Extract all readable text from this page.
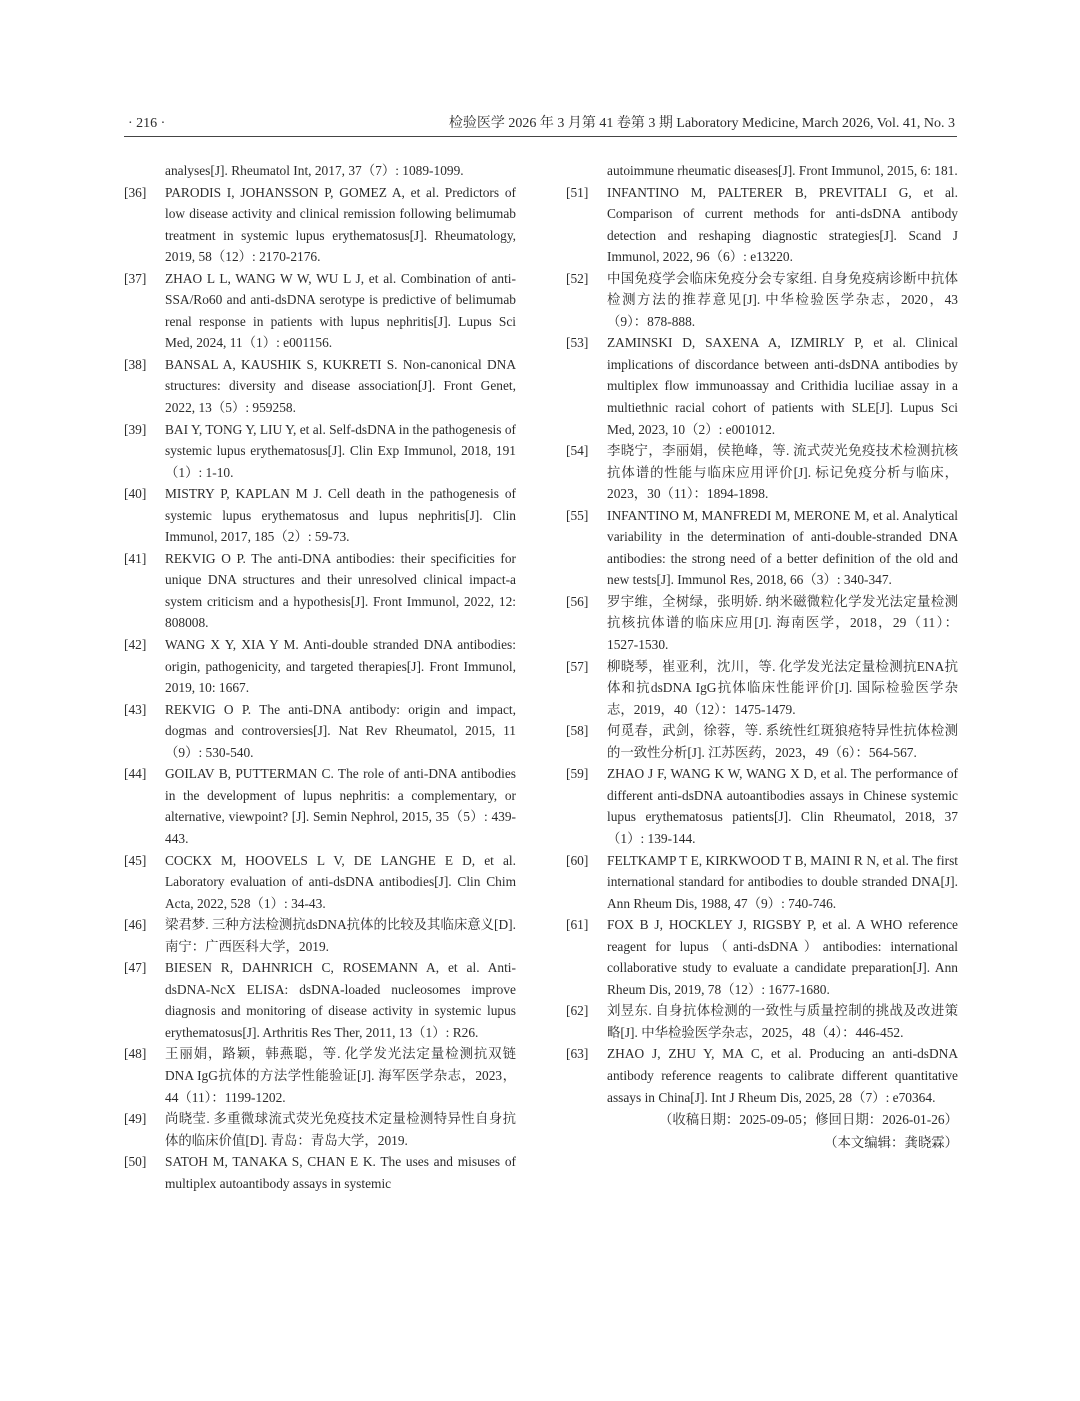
· 216 ·	检验医学 2026 年 3 月第 41 卷第 3 期 Laboratory Medicine, March 2026, Vol. 41, No. 3
analyses[J]. Rheumatol Int, 2017, 37（7）: 1089-1099.
[36] PARODIS I, JOHANSSON P, GOMEZ A, et al. Predictors of low disease activity and clinical remission following belimumab treatment in systemic lupus erythematosus[J]. Rheumatology, 2019, 58（12）: 2170-2176.
[37] ZHAO L L, WANG W W, WU L J, et al. Combination of anti-SSA/Ro60 and anti-dsDNA serotype is predictive of belimumab renal response in patients with lupus nephritis[J]. Lupus Sci Med, 2024, 11（1）: e001156.
[38] BANSAL A, KAUSHIK S, KUKRETI S. Non-canonical DNA structures: diversity and disease association[J]. Front Genet, 2022, 13（5）: 959258.
[39] BAI Y, TONG Y, LIU Y, et al. Self-dsDNA in the pathogenesis of systemic lupus erythematosus[J]. Clin Exp Immunol, 2018, 191（1）: 1-10.
[40] MISTRY P, KAPLAN M J. Cell death in the pathogenesis of systemic lupus erythematosus and lupus nephritis[J]. Clin Immunol, 2017, 185（2）: 59-73.
[41] REKVIG O P. The anti-DNA antibodies: their specificities for unique DNA structures and their unresolved clinical impact-a system criticism and a hypothesis[J]. Front Immunol, 2022, 12: 808008.
[42] WANG X Y, XIA Y M. Anti-double stranded DNA antibodies: origin, pathogenicity, and targeted therapies[J]. Front Immunol, 2019, 10: 1667.
[43] REKVIG O P. The anti-DNA antibody: origin and impact, dogmas and controversies[J]. Nat Rev Rheumatol, 2015, 11（9）: 530-540.
[44] GOILAV B, PUTTERMAN C. The role of anti-DNA antibodies in the development of lupus nephritis: a complementary, or alternative, viewpoint? [J]. Semin Nephrol, 2015, 35（5）: 439-443.
[45] COCKX M, HOOVELS L V, DE LANGHE E D, et al. Laboratory evaluation of anti-dsDNA antibodies[J]. Clin Chim Acta, 2022, 528（1）: 34-43.
[46] 梁君梦. 三种方法检测抗dsDNA抗体的比较及其临床意义[D]. 南宁：广西医科大学，2019.
[47] BIESEN R, DAHNRICH C, ROSEMANN A, et al. Anti-dsDNA-NcX ELISA: dsDNA-loaded nucleosomes improve diagnosis and monitoring of disease activity in systemic lupus erythematosus[J]. Arthritis Res Ther, 2011, 13（1）: R26.
[48] 王丽娟，路颖，韩燕聪，等. 化学发光法定量检测抗双链DNA IgG抗体的方法学性能验证[J]. 海军医学杂志，2023，44（11）：1199-1202.
[49] 尚晓莹. 多重微球流式荧光免疫技术定量检测特异性自身抗体的临床价值[D]. 青岛：青岛大学，2019.
[50] SATOH M, TANAKA S, CHAN E K. The uses and misuses of multiplex autoantibody assays in systemic
autoimmune rheumatic diseases[J]. Front Immunol, 2015, 6: 181.
[51] INFANTINO M, PALTERER B, PREVITALI G, et al. Comparison of current methods for anti-dsDNA antibody detection and reshaping diagnostic strategies[J]. Scand J Immunol, 2022, 96（6）: e13220.
[52] 中国免疫学会临床免疫分会专家组. 自身免疫病诊断中抗体检测方法的推荐意见[J]. 中华检验医学杂志，2020，43（9）：878-888.
[53] ZAMINSKI D, SAXENA A, IZMIRLY P, et al. Clinical implications of discordance between anti-dsDNA antibodies by multiplex flow immunoassay and Crithidia luciliae assay in a multiethnic racial cohort of patients with SLE[J]. Lupus Sci Med, 2023, 10（2）: e001012.
[54] 李晓宁，李丽娟，侯艳峰，等. 流式荧光免疫技术检测抗核抗体谱的性能与临床应用评价[J]. 标记免疫分析与临床，2023，30（11）：1894-1898.
[55] INFANTINO M, MANFREDI M, MERONE M, et al. Analytical variability in the determination of anti-double-stranded DNA antibodies: the strong need of a better definition of the old and new tests[J]. Immunol Res, 2018, 66（3）: 340-347.
[56] 罗宇维，全树绿，张明娇. 纳米磁微粒化学发光法定量检测抗核抗体谱的临床应用[J]. 海南医学，2018，29（11）：1527-1530.
[57] 柳晓琴，崔亚利，沈川，等. 化学发光法定量检测抗ENA抗体和抗dsDNA IgG抗体临床性能评价[J]. 国际检验医学杂志，2019，40（12）：1475-1479.
[58] 何觅春，武剑，徐蓉，等. 系统性红斑狼疮特异性抗体检测的一致性分析[J]. 江苏医药，2023，49（6）：564-567.
[59] ZHAO J F, WANG K W, WANG X D, et al. The performance of different anti-dsDNA autoantibodies assays in Chinese systemic lupus erythematosus patients[J]. Clin Rheumatol, 2018, 37（1）: 139-144.
[60] FELTKAMP T E, KIRKWOOD T B, MAINI R N, et al. The first international standard for antibodies to double stranded DNA[J]. Ann Rheum Dis, 1988, 47（9）: 740-746.
[61] FOX B J, HOCKLEY J, RIGSBY P, et al. A WHO reference reagent for lupus（anti-dsDNA）antibodies: international collaborative study to evaluate a candidate preparation[J]. Ann Rheum Dis, 2019, 78（12）: 1677-1680.
[62] 刘昱东. 自身抗体检测的一致性与质量控制的挑战及改进策略[J]. 中华检验医学杂志，2025，48（4）：446-452.
[63] ZHAO J, ZHU Y, MA C, et al. Producing an anti-dsDNA antibody reference reagents to calibrate different quantitative assays in China[J]. Int J Rheum Dis, 2025, 28（7）: e70364.
（收稿日期：2025-09-05；修回日期：2026-01-26）
（本文编辑：龚晓霖）
